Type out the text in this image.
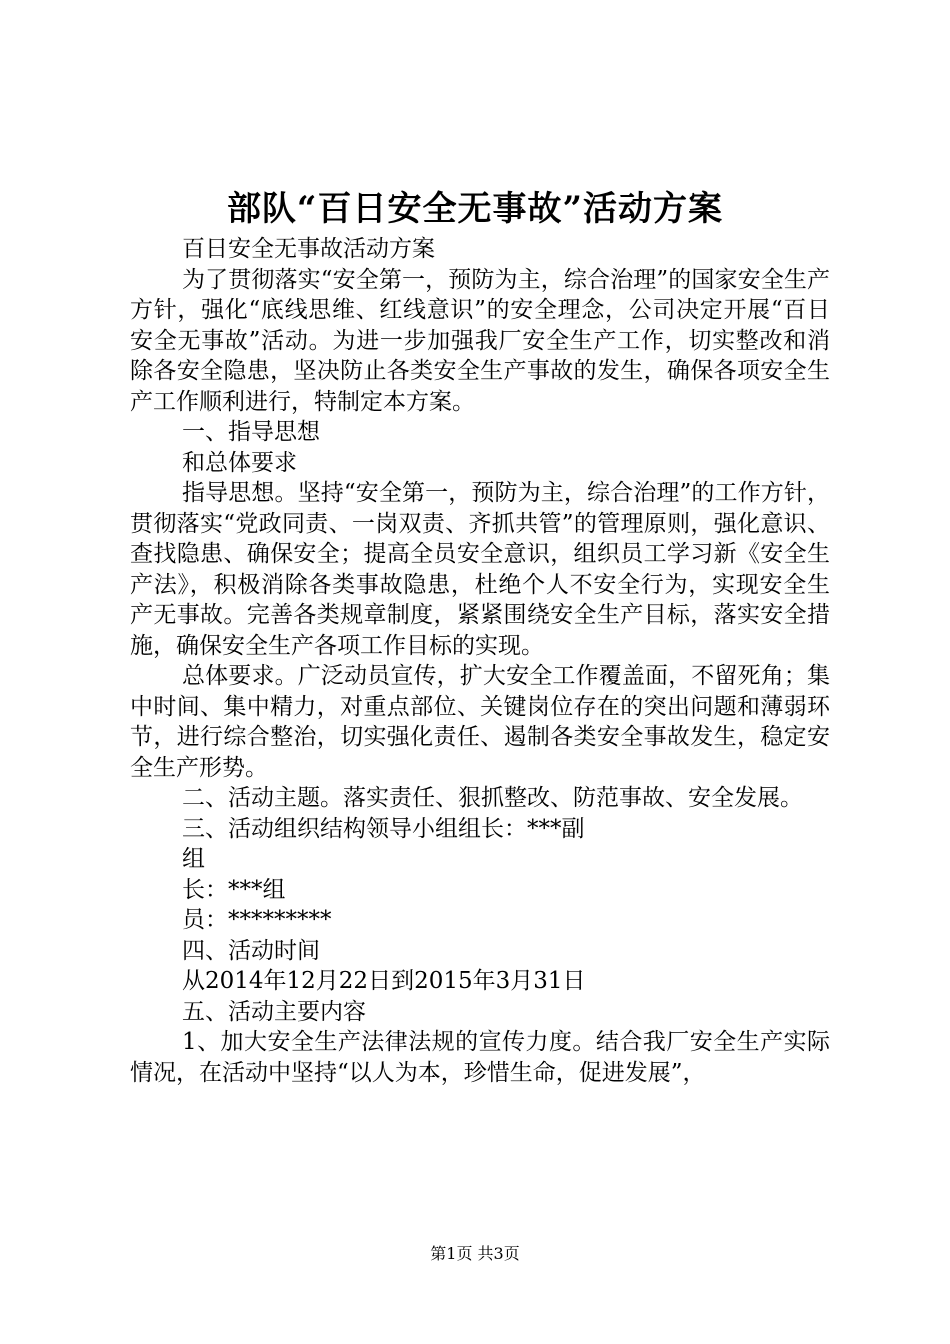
部队“百日安全无事故”活动方案

百日安全无事故活动方案

为了贯彻落实“安全第一，预防为主，综合治理”的国家安全生产方针，强化“底线思维、红线意识”的安全理念，公司决定开展“百日安全无事故”活动。为进一步加强我厂安全生产工作，切实整改和消除各安全隐患，坚决防止各类安全生产事故的发生，确保各项安全生产工作顺利进行，特制定本方案。

一、指导思想

和总体要求

指导思想。坚持“安全第一，预防为主，综合治理”的工作方针，贯彻落实“党政同责、一岗双责、齐抓共管”的管理原则，强化意识、查找隐患、确保安全；提高全员安全意识，组织员工学习新《安全生产法》，积极消除各类事故隐患，杜绝个人不安全行为，实现安全生产无事故。完善各类规章制度，紧紧围绕安全生产目标，落实安全措施，确保安全生产各项工作目标的实现。

总体要求。广泛动员宣传，扩大安全工作覆盖面，不留死角；集中时间、集中精力，对重点部位、关键岗位存在的突出问题和薄弱环节，进行综合整治，切实强化责任、遏制各类安全事故发生，稳定安全生产形势。

二、活动主题。落实责任、狠抓整改、防范事故、安全发展。

三、活动组织结构领导小组组长：***副

组

长：***组

员：*********

四、活动时间

从2014年12月22日到2015年3月31日

五、活动主要内容

1、加大安全生产法律法规的宣传力度。结合我厂安全生产实际情况，在活动中坚持“以人为本，珍惜生命，促进发展”，

第1页 共3页
